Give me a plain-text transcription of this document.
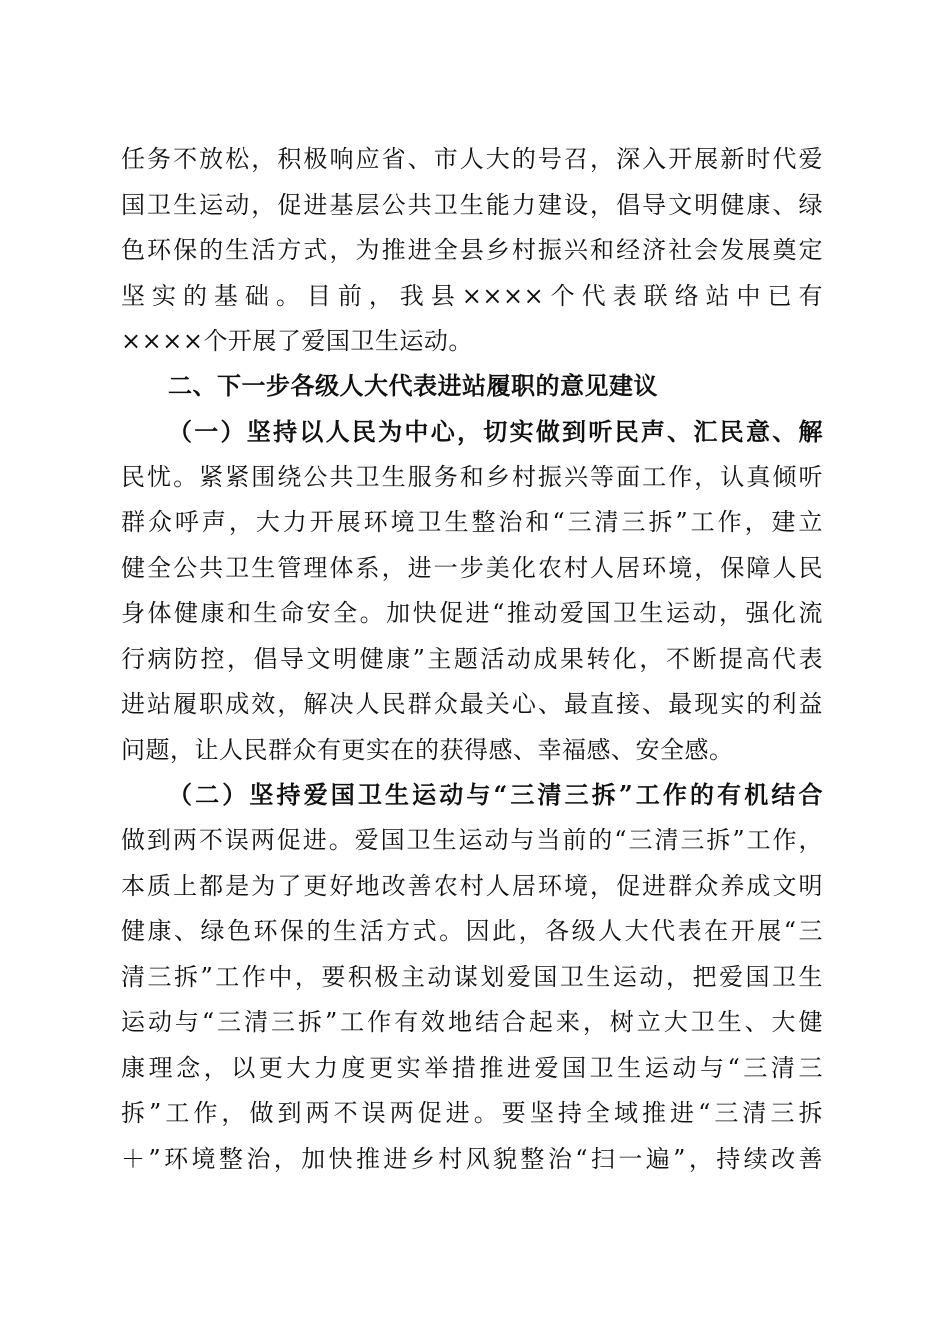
任务不放松，积极响应省、市人大的号召，深入开展新时代爱
国卫生运动，促进基层公共卫生能力建设，倡导文明健康、绿
色环保的生活方式，为推进全县乡村振兴和经济社会发展奠定
坚实的基础。目前，我县××××个代表联络站中已有
××××个开展了爱国卫生运动。
二、下一步各级人大代表进站履职的意见建议
（一）坚持以人民为中心，切实做到听民声、汇民意、解
民忧。紧紧围绕公共卫生服务和乡村振兴等面工作，认真倾听
群众呼声，大力开展环境卫生整治和“三清三拆”工作，建立
健全公共卫生管理体系，进一步美化农村人居环境，保障人民
身体健康和生命安全。加快促进“推动爱国卫生运动，强化流
行病防控，倡导文明健康”主题活动成果转化，不断提高代表
进站履职成效，解决人民群众最关心、最直接、最现实的利益
问题，让人民群众有更实在的获得感、幸福感、安全感。
（二）坚持爱国卫生运动与“三清三拆”工作的有机结合
做到两不误两促进。爱国卫生运动与当前的“三清三拆”工作，
本质上都是为了更好地改善农村人居环境，促进群众养成文明
健康、绿色环保的生活方式。因此，各级人大代表在开展“三
清三拆”工作中，要积极主动谋划爱国卫生运动，把爱国卫生
运动与“三清三拆”工作有效地结合起来，树立大卫生、大健
康理念，以更大力度更实举措推进爱国卫生运动与“三清三
拆”工作，做到两不误两促进。要坚持全域推进“三清三拆
＋”环境整治，加快推进乡村风貌整治“扫一遍”，持续改善
